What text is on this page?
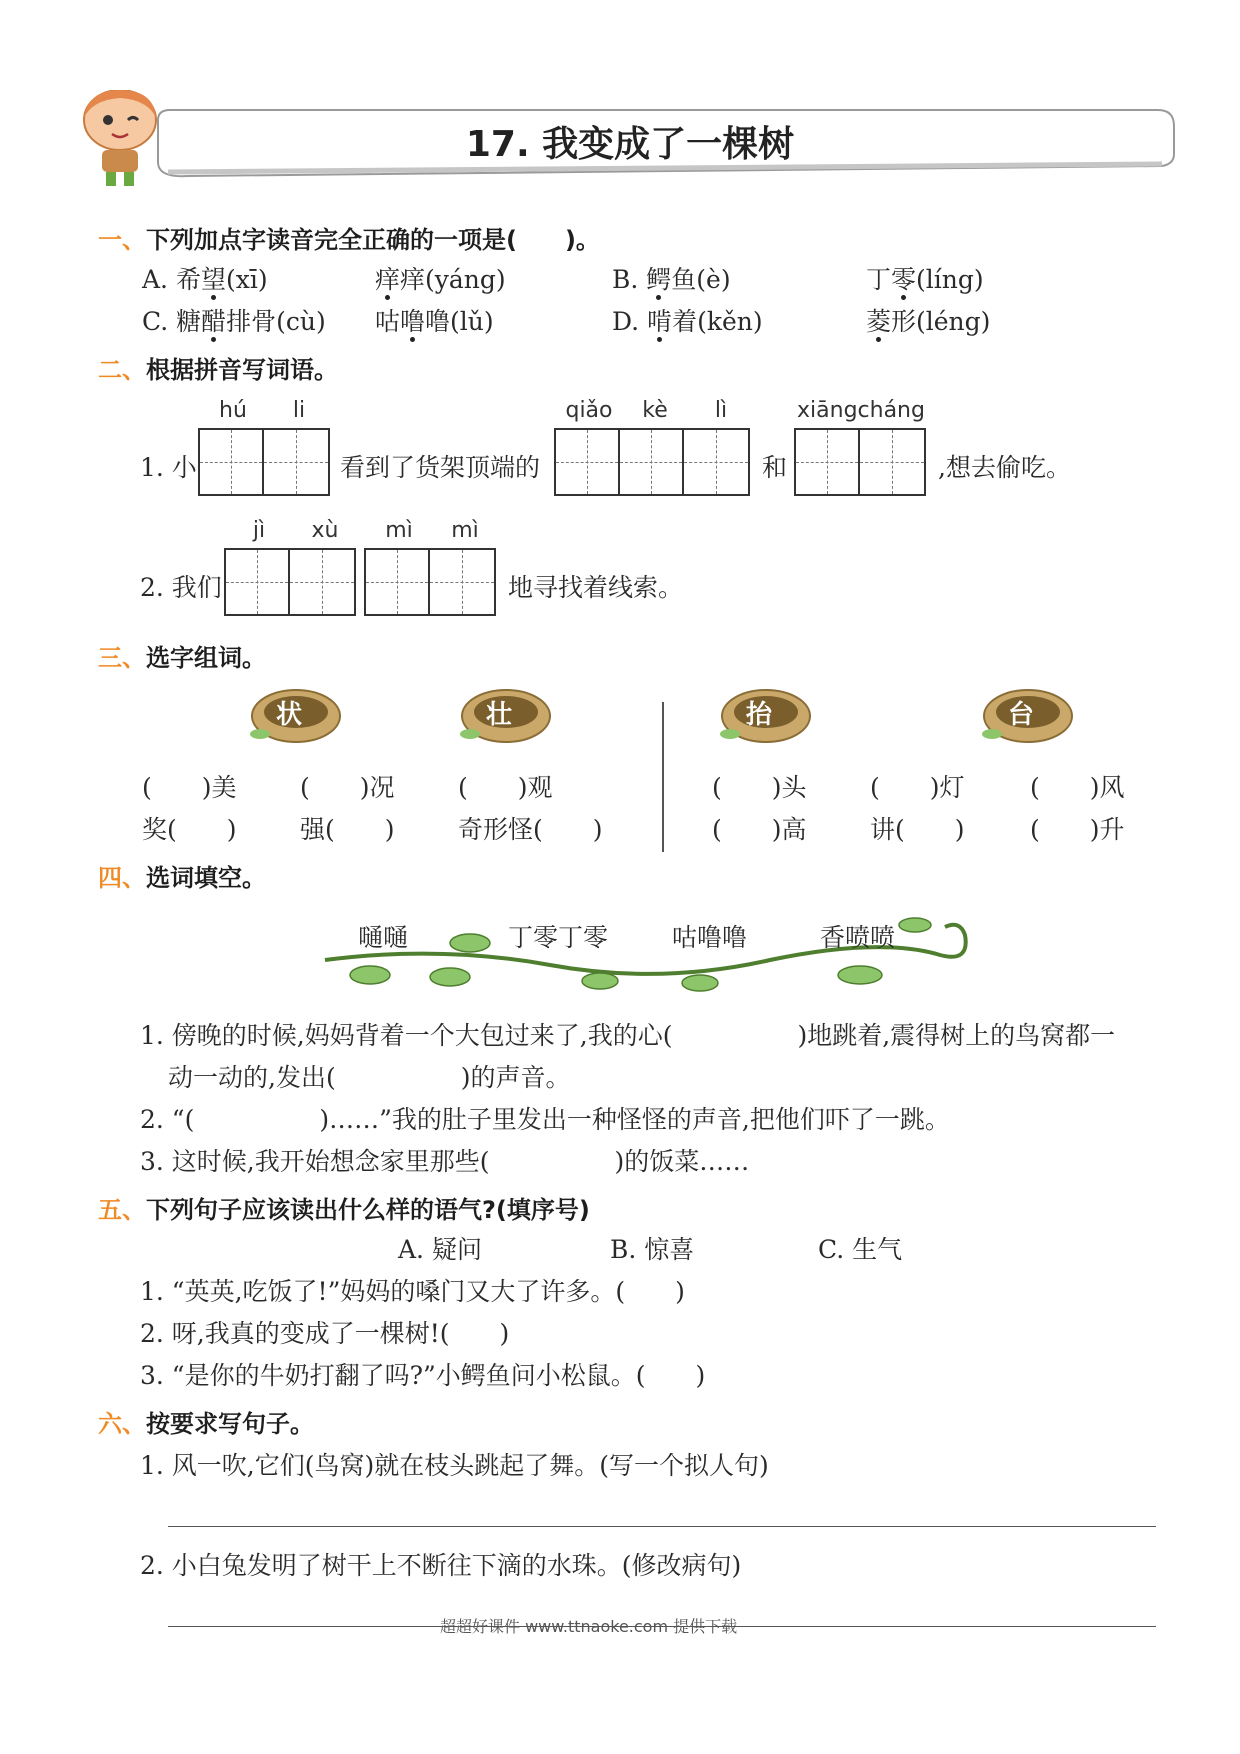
17. 我变成了一棵树
一、下列加点字读音完全正确的一项是(　　)。
A. 希望(xī)	痒痒(yáng)	B. 鳄鱼(è)	丁零(líng)
C. 糖醋排骨(cù) 咕噜噜(lǔ)	D. 啃着(kěn)	菱形(léng)
二、根据拼音写词语。
hú	li	qiǎo	kè	lì	xiāngcháng
1. 小	看到了货架顶端的	和	,想去偷吃。
jì	xù	mì	mì
2. 我们	地寻找着线索。
三、选字组词。
状	壮	抬	台
(　　)美	(　　)况	(　　)观
奖(　　)	强(　　)	奇形怪(　　)
(　　)头	(　　)灯	(　　)风
(　　)高	讲(　　)	(　　)升
四、选词填空。
嗵嗵	丁零丁零	咕噜噜	香喷喷
1. 傍晚的时候,妈妈背着一个大包过来了,我的心(　　　　　)地跳着,震得树上的鸟窝都一
动一动的,发出(　　　　　)的声音。
2. “(　　　　　)……”我的肚子里发出一种怪怪的声音,把他们吓了一跳。
3. 这时候,我开始想念家里那些(　　　　　)的饭菜……
五、下列句子应该读出什么样的语气?(填序号)
A. 疑问	B. 惊喜	C. 生气
1. “英英,吃饭了!”妈妈的嗓门又大了许多。(　　)
2. 呀,我真的变成了一棵树!(　　)
3. “是你的牛奶打翻了吗?”小鳄鱼问小松鼠。(　　)
六、按要求写句子。
1. 风一吹,它们(鸟窝)就在枝头跳起了舞。(写一个拟人句)
2. 小白兔发明了树干上不断往下滴的水珠。(修改病句)
超超好课件 www.ttnaoke.com 提供下载
